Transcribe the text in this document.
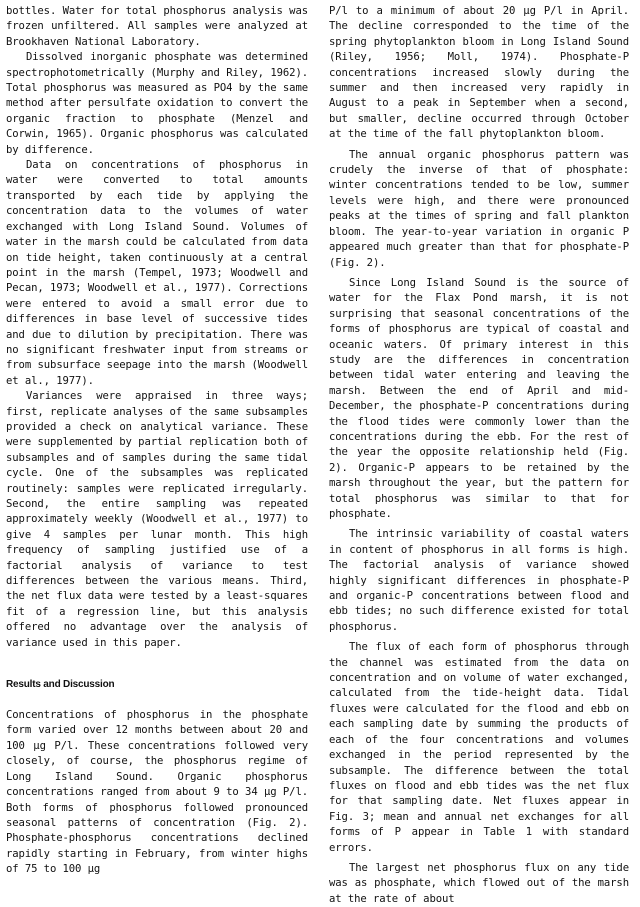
bottles. Water for total phosphorus analysis was frozen unfiltered. All samples were analyzed at Brookhaven National Laboratory.

Dissolved inorganic phosphate was determined spectrophotometrically (Murphy and Riley, 1962). Total phosphorus was measured as PO4 by the same method after persulfate oxidation to convert the organic fraction to phosphate (Menzel and Corwin, 1965). Organic phosphorus was calculated by difference.

Data on concentrations of phosphorus in water were converted to total amounts transported by each tide by applying the concentration data to the volumes of water exchanged with Long Island Sound. Volumes of water in the marsh could be calculated from data on tide height, taken continuously at a central point in the marsh (Tempel, 1973; Woodwell and Pecan, 1973; Woodwell et al., 1977). Corrections were entered to avoid a small error due to differences in base level of successive tides and due to dilution by precipitation. There was no significant freshwater input from streams or from subsurface seepage into the marsh (Woodwell et al., 1977).

Variances were appraised in three ways; first, replicate analyses of the same subsamples provided a check on analytical variance. These were supplemented by partial replication both of subsamples and of samples during the same tidal cycle. One of the subsamples was replicated routinely: samples were replicated irregularly. Second, the entire sampling was repeated approximately weekly (Woodwell et al., 1977) to give 4 samples per lunar month. This high frequency of sampling justified use of a factorial analysis of variance to test differences between the various means. Third, the net flux data were tested by a least-squares fit of a regression line, but this analysis offered no advantage over the analysis of variance used in this paper.

Results and Discussion

Concentrations of phosphorus in the phosphate form varied over 12 months between about 20 and 100 µg P/l. These concentrations followed very closely, of course, the phosphorus regime of Long Island Sound. Organic phosphorus concentrations ranged from about 9 to 34 µg P/l. Both forms of phosphorus followed pronounced seasonal patterns of concentration (Fig. 2). Phosphate-phosphorus concentrations declined rapidly starting in February, from winter highs of 75 to 100 µg

P/l to a minimum of about 20 µg P/l in April. The decline corresponded to the time of the spring phytoplankton bloom in Long Island Sound (Riley, 1956; Moll, 1974). Phosphate-P concentrations increased slowly during the summer and then increased very rapidly in August to a peak in September when a second, but smaller, decline occurred through October at the time of the fall phytoplankton bloom.

The annual organic phosphorus pattern was crudely the inverse of that of phosphate: winter concentrations tended to be low, summer levels were high, and there were pronounced peaks at the times of spring and fall plankton bloom. The year-to-year variation in organic P appeared much greater than that for phosphate-P (Fig. 2).

Since Long Island Sound is the source of water for the Flax Pond marsh, it is not surprising that seasonal concentrations of the forms of phosphorus are typical of coastal and oceanic waters. Of primary interest in this study are the differences in concentration between tidal water entering and leaving the marsh. Between the end of April and mid-December, the phosphate-P concentrations during the flood tides were commonly lower than the concentrations during the ebb. For the rest of the year the opposite relationship held (Fig. 2). Organic-P appears to be retained by the marsh throughout the year, but the pattern for total phosphorus was similar to that for phosphate.

The intrinsic variability of coastal waters in content of phosphorus in all forms is high. The factorial analysis of variance showed highly significant differences in phosphate-P and organic-P concentrations between flood and ebb tides; no such difference existed for total phosphorus.

The flux of each form of phosphorus through the channel was estimated from the data on concentration and on volume of water exchanged, calculated from the tide-height data. Tidal fluxes were calculated for the flood and ebb on each sampling date by summing the products of each of the four concentrations and volumes exchanged in the period represented by the subsample. The difference between the total fluxes on flood and ebb tides was the net flux for that sampling date. Net fluxes appear in Fig. 3; mean and annual net exchanges for all forms of P appear in Table 1 with standard errors.

The largest net phosphorus flux on any tide was as phosphate, which flowed out of the marsh at the rate of about
